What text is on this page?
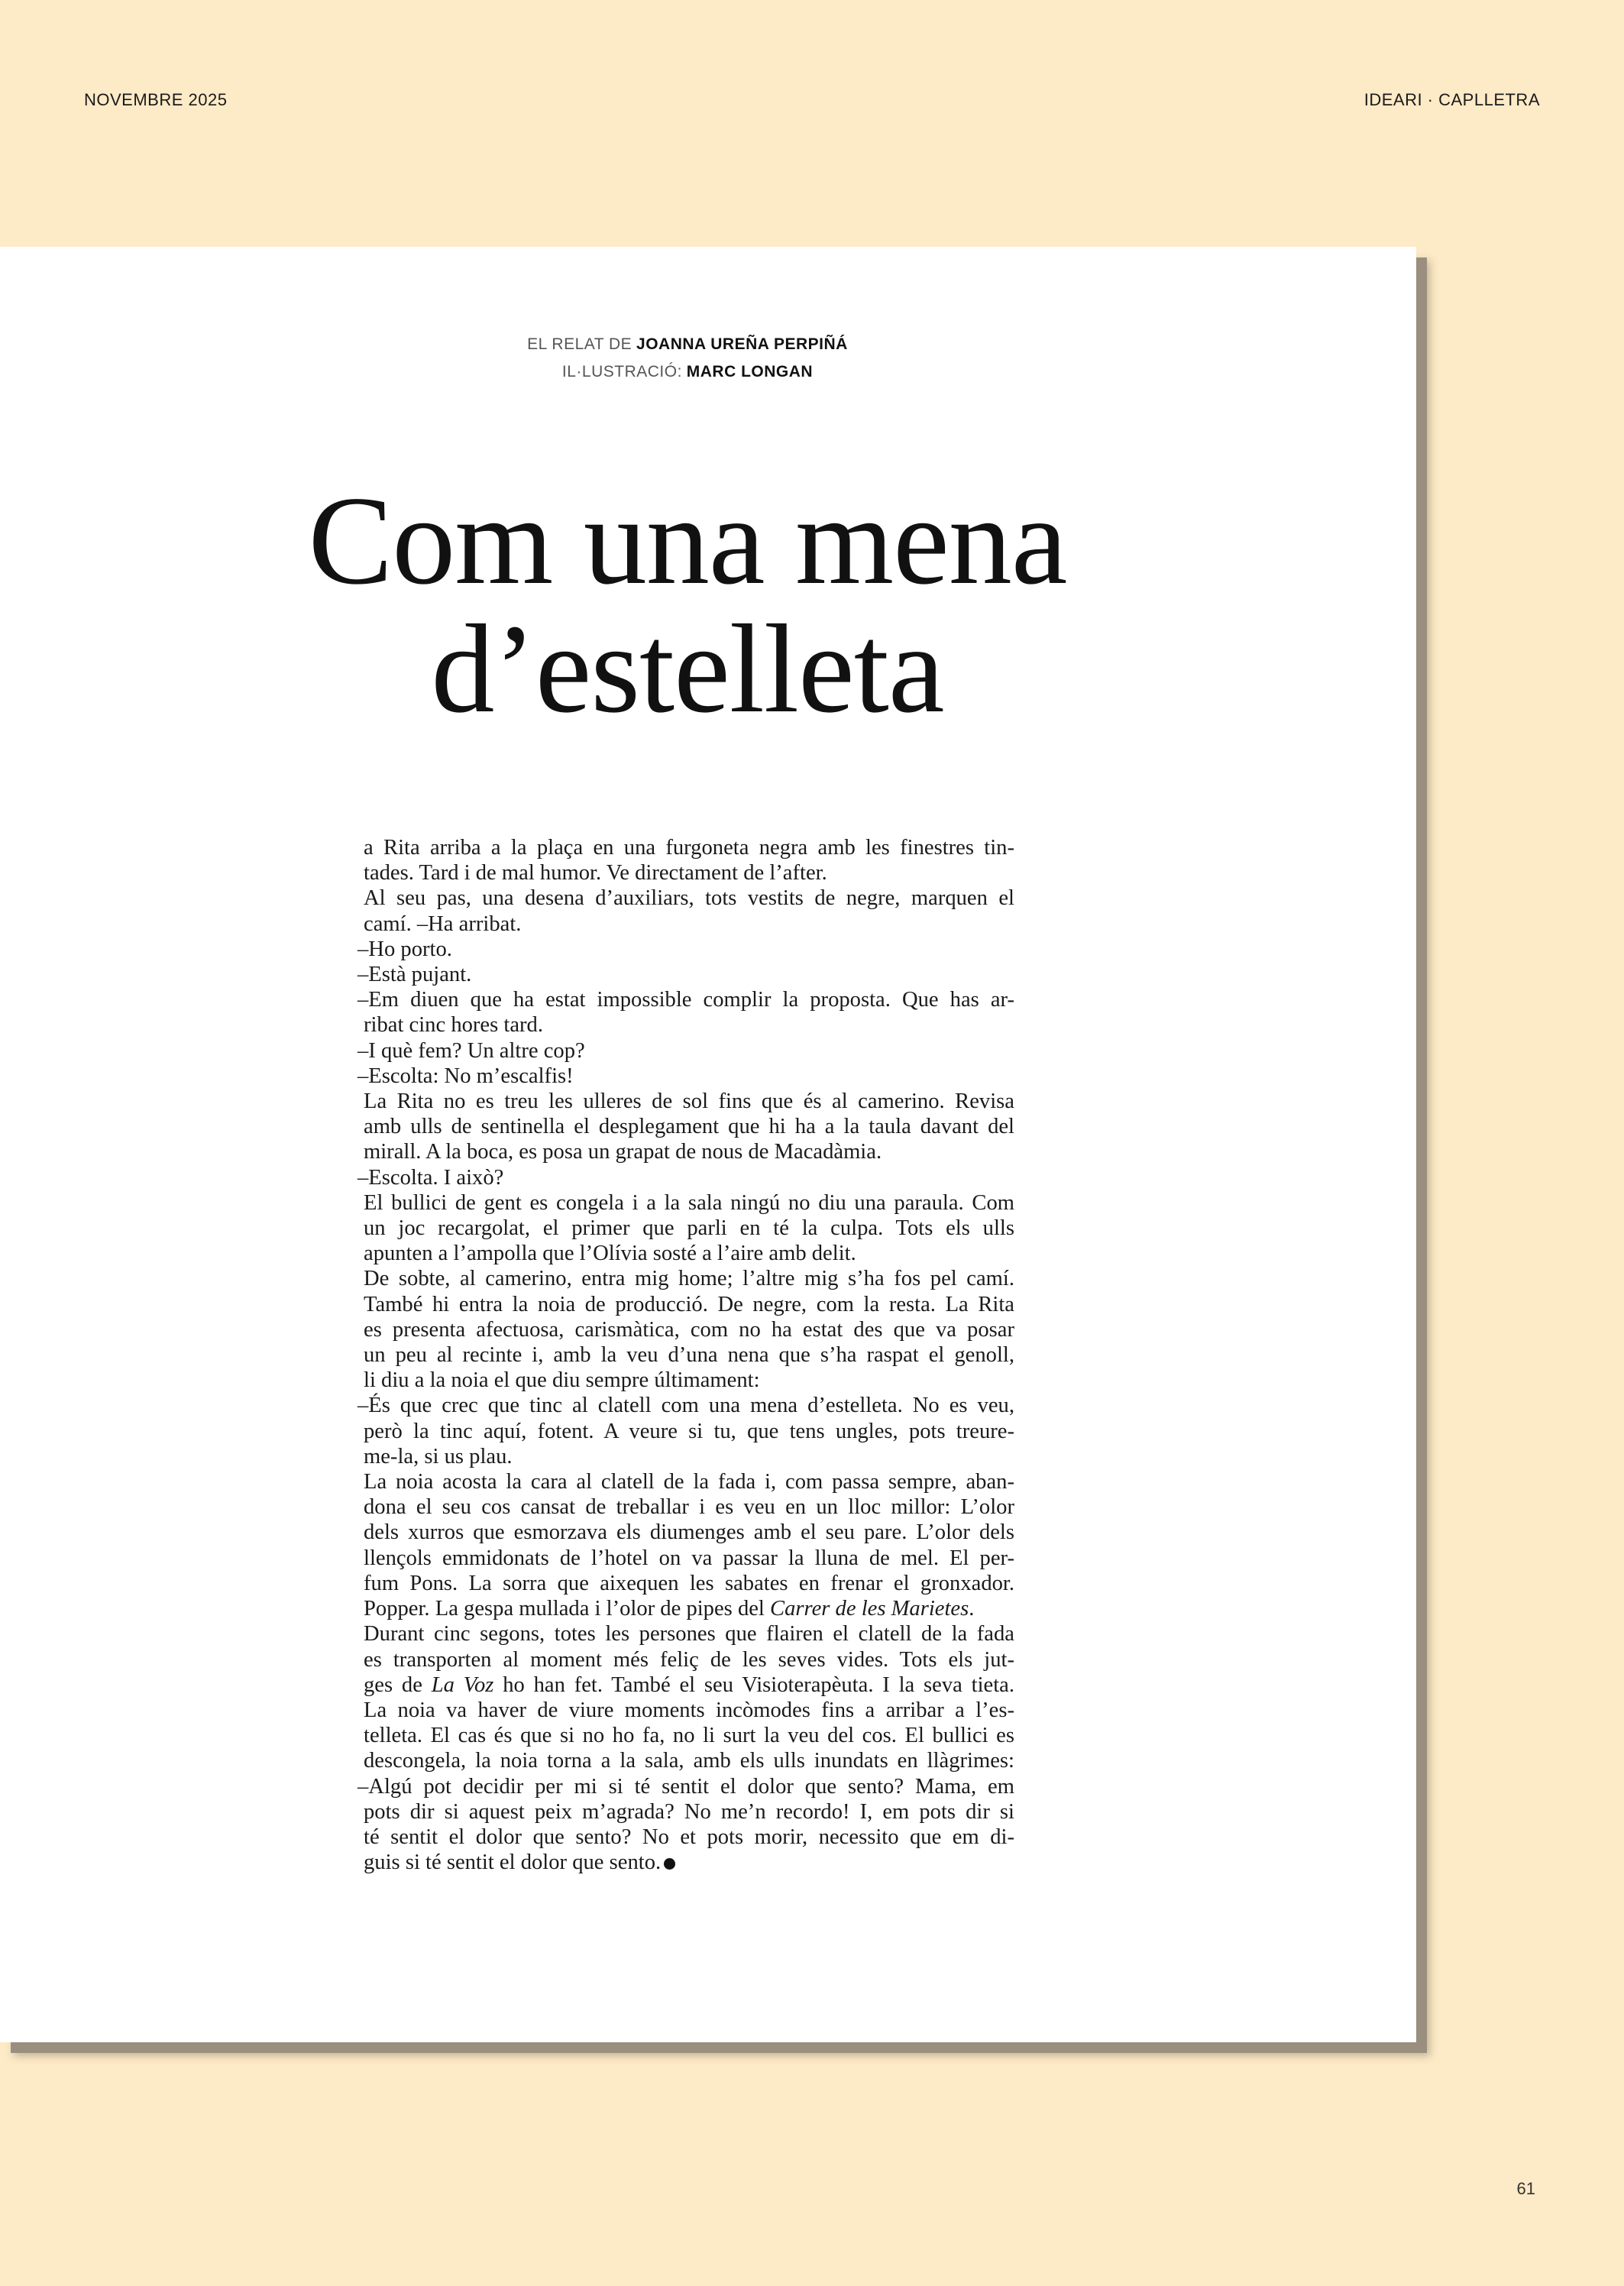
NOVEMBRE 2025	IDEARI · CAPLLETRA
EL RELAT DE JOANNA UREÑA PERPIÑÁ
IL·LUSTRACIÓ: MARC LONGAN
Com una mena
d’estelleta
a Rita arriba a la plaça en una furgoneta negra amb les finestres tin-
tades. Tard i de mal humor. Ve directament de l’after.
Al seu pas, una desena d’auxiliars, tots vestits de negre, marquen el
camí. –Ha arribat.
–Ho porto.
–Està pujant.
–Em diuen que ha estat impossible complir la proposta. Que has ar-
ribat cinc hores tard.
–I què fem? Un altre cop?
–Escolta: No m’escalfis!
La Rita no es treu les ulleres de sol fins que és al camerino. Revisa
amb ulls de sentinella el desplegament que hi ha a la taula davant del
mirall. A la boca, es posa un grapat de nous de Macadàmia.
–Escolta. I això?
El bullici de gent es congela i a la sala ningú no diu una paraula. Com
un joc recargolat, el primer que parli en té la culpa. Tots els ulls
apunten a l’ampolla que l’Olívia sosté a l’aire amb delit.
De sobte, al camerino, entra mig home; l’altre mig s’ha fos pel camí.
També hi entra la noia de producció. De negre, com la resta. La Rita
es presenta afectuosa, carismàtica, com no ha estat des que va posar
un peu al recinte i, amb la veu d’una nena que s’ha raspat el genoll,
li diu a la noia el que diu sempre últimament:
–És que crec que tinc al clatell com una mena d’estelleta. No es veu,
però la tinc aquí, fotent. A veure si tu, que tens ungles, pots treure-
me-la, si us plau.
La noia acosta la cara al clatell de la fada i, com passa sempre, aban-
dona el seu cos cansat de treballar i es veu en un lloc millor: L’olor
dels xurros que esmorzava els diumenges amb el seu pare. L’olor dels
llençols emmidonats de l’hotel on va passar la lluna de mel. El per-
fum Pons. La sorra que aixequen les sabates en frenar el gronxador.
Popper. La gespa mullada i l’olor de pipes del Carrer de les Marietes.
Durant cinc segons, totes les persones que flairen el clatell de la fada
es transporten al moment més feliç de les seves vides. Tots els jut-
ges de La Voz ho han fet. També el seu Visioterapèuta. I la seva tieta.
La noia va haver de viure moments incòmodes fins a arribar a l’es-
telleta. El cas és que si no ho fa, no li surt la veu del cos. El bullici es
descongela, la noia torna a la sala, amb els ulls inundats en llàgrimes:
–Algú pot decidir per mi si té sentit el dolor que sento? Mama, em
pots dir si aquest peix m’agrada? No me’n recordo! I, em pots dir si
té sentit el dolor que sento? No et pots morir, necessito que em di-
guis si té sentit el dolor que sento.
61
